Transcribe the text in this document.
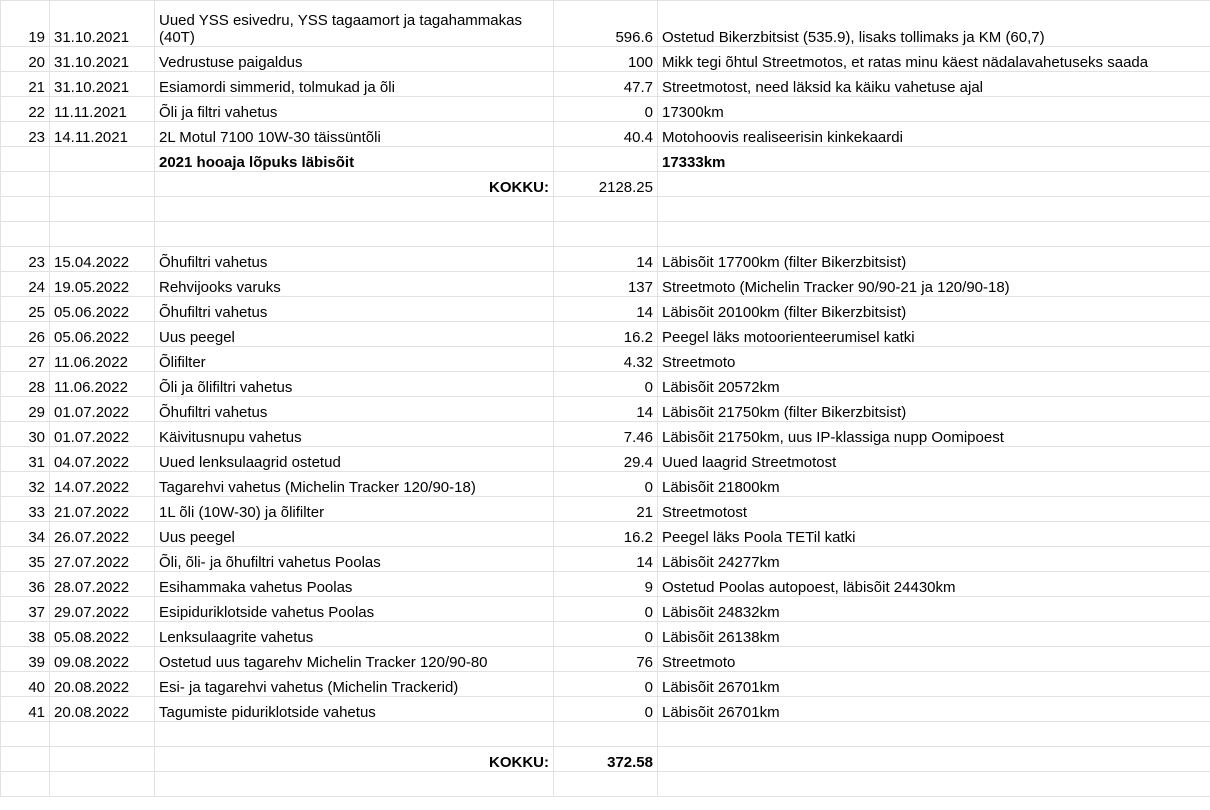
19	31.10.2021	Uued YSS esivedru, YSS tagaamort ja tagahammakas (40T)	596.6	Ostetud Bikerzbitsist (535.9), lisaks tollimaks ja KM (60,7)
20	31.10.2021	Vedrustuse paigaldus	100	Mikk tegi õhtul Streetmotos, et ratas minu käest nädalavahetuseks saada
21	31.10.2021	Esiamordi simmerid, tolmukad ja õli	47.7	Streetmotost, need läksid ka käiku vahetuse ajal
22	11.11.2021	Õli ja filtri vahetus	0	17300km
23	14.11.2021	2L Motul 7100 10W-30 täissüntõli	40.4	Motohoovis realiseerisin kinkekaardi
		2021 hooaja lõpuks läbisõit		17333km
		KOKKU:	2128.25	

23	15.04.2022	Õhufiltri vahetus	14	Läbisõit 17700km (filter Bikerzbitsist)
24	19.05.2022	Rehvijooks varuks	137	Streetmoto (Michelin Tracker 90/90-21 ja 120/90-18)
25	05.06.2022	Õhufiltri vahetus	14	Läbisõit 20100km (filter Bikerzbitsist)
26	05.06.2022	Uus peegel	16.2	Peegel läks motoorienteerumisel katki
27	11.06.2022	Õlifilter	4.32	Streetmoto
28	11.06.2022	Õli ja õlifiltri vahetus	0	Läbisõit 20572km
29	01.07.2022	Õhufiltri vahetus	14	Läbisõit 21750km (filter Bikerzbitsist)
30	01.07.2022	Käivitusnupu vahetus	7.46	Läbisõit 21750km, uus IP-klassiga nupp Oomipoest
31	04.07.2022	Uued lenksulaagrid ostetud	29.4	Uued laagrid Streetmotost
32	14.07.2022	Tagarehvi vahetus (Michelin Tracker 120/90-18)	0	Läbisõit 21800km
33	21.07.2022	1L õli (10W-30) ja õlifilter	21	Streetmotost
34	26.07.2022	Uus peegel	16.2	Peegel läks Poola TETil katki
35	27.07.2022	Õli, õli- ja õhufiltri vahetus Poolas	14	Läbisõit 24277km
36	28.07.2022	Esihammaka vahetus Poolas	9	Ostetud Poolas autopoest, läbisõit 24430km
37	29.07.2022	Esipiduriklotside vahetus Poolas	0	Läbisõit 24832km
38	05.08.2022	Lenksulaagrite vahetus	0	Läbisõit 26138km
39	09.08.2022	Ostetud uus tagarehv Michelin Tracker 120/90-80	76	Streetmoto
40	20.08.2022	Esi- ja tagarehvi vahetus (Michelin Trackerid)	0	Läbisõit 26701km
41	20.08.2022	Tagumiste piduriklotside vahetus	0	Läbisõit 26701km

		KOKKU:	372.58	
